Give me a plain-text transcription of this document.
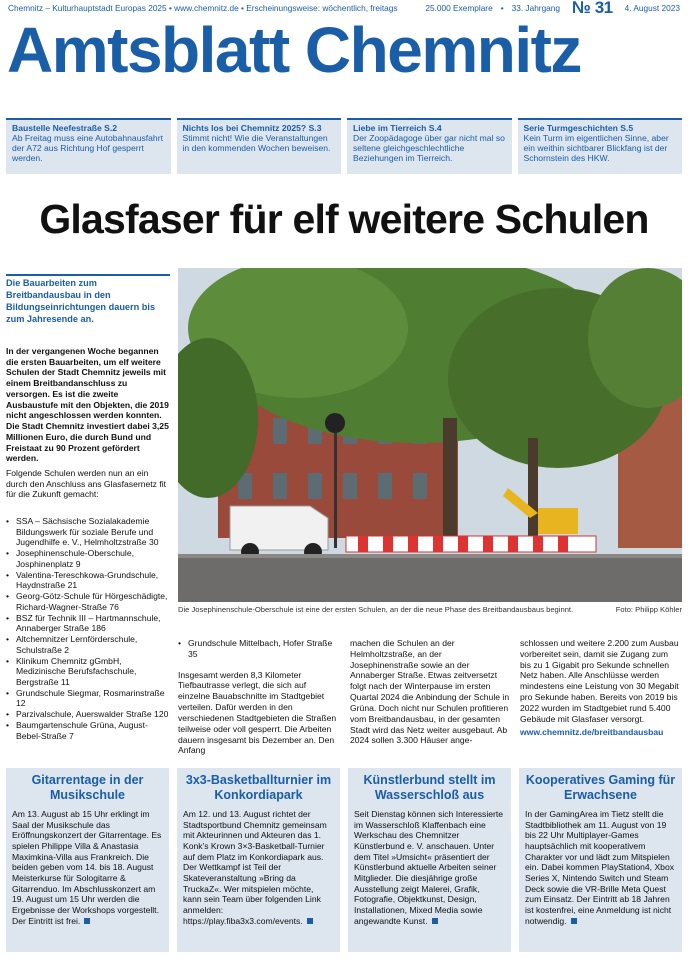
Chemnitz – Kulturhauptstadt Europas 2025 • www.chemnitz.de • Erscheinungsweise: wöchentlich, freitags	25.000 Exemplare • 33. Jahrgang № 31 4. August 2023
Amtsblatt Chemnitz
Baustelle Neefestraße S.2
Ab Freitag muss eine Autobahnausfahrt der A72 aus Richtung Hof gesperrt werden.
Nichts los bei Chemnitz 2025? S.3
Stimmt nicht! Wie die Veranstaltungen in den kommenden Wochen beweisen.
Liebe im Tierreich S.4
Der Zoopädagoge über gar nicht mal so seltene gleichgeschlechtliche Beziehungen im Tierreich.
Serie Turmgeschichten S.5
Kein Turm im eigentlichen Sinne, aber ein weithin sichtbarer Blickfang ist der Schornstein des HKW.
Glasfaser für elf weitere Schulen

Die Bauarbeiten zum Breitbandausbau in den Bildungseinrichtungen dauern bis zum Jahresende an.

In der vergangenen Woche begannen die ersten Bauarbeiten, um elf weitere Schulen der Stadt Chemnitz jeweils mit einem Breitbandanschluss zu versorgen. Es ist die zweite Ausbaustufe mit den Objekten, die 2019 nicht angeschlossen werden konnten. Die Stadt Chemnitz investiert dabei 3,25 Millionen Euro, die durch Bund und Freistaat zu 90 Prozent gefördert werden.

Folgende Schulen werden nun an ein durch den Anschluss ans Glasfasernetz fit für die Zukunft gemacht:

• SSA – Sächsische Sozialakademie Bildungswerk für soziale Berufe und Jugendhilfe e. V., Helmholtzstraße 30
• Josephinenschule-Oberschule, Josphinenplatz 9
• Valentina-Tereschkowa-Grundschule, Haydnstraße 21
• Georg-Götz-Schule für Hörgeschädigte, Richard-Wagner-Straße 76
• BSZ für Technik III – Hartmannschule, Annaberger Straße 186
• Altchemnitzer Lernförderschule, Schulstraße 2
• Klinikum Chemnitz gGmbH, Medizinische Berufsfachschule, Bergstraße 11
• Grundschule Siegmar, Rosmarinstraße 12
• Parzivalschule, Auerswalder Straße 120
• Baumgartenschule Grüna, August-Bebel-Straße 7
Die Josephinenschule-Oberschule ist eine der ersten Schulen, an der die neue Phase des Breitbandausbaus beginnt.	Foto: Philipp Köhler
• Grundschule Mittelbach, Hofer Straße 35

Insgesamt werden 8,3 Kilometer Tiefbautrasse verlegt, die sich auf einzelne Bauabschnitte im Stadtgebiet verteilen. Dafür werden in den verschiedenen Stadtgebieten die Straßen teilweise oder voll gesperrt. Die Arbeiten dauern insgesamt bis Dezember an. Den Anfang

machen die Schulen an der Helmholtzstraße, an der Josephinenstraße sowie an der Annaberger Straße. Etwas zeitversetzt folgt nach der Winterpause im ersten Quartal 2024 die Anbindung der Schule in Grüna. Doch nicht nur Schulen profitieren vom Breitbandausbau, in der gesamten Stadt wird das Netz weiter ausgebaut. Ab 2024 sollen 3.300 Häuser ange-

schlossen und weitere 2.200 zum Ausbau vorbereitet sein, damit sie Zugang zum bis zu 1 Gigabit pro Sekunde schnellen Netz haben. Alle Anschlüsse werden mindestens eine Leistung von 30 Megabit pro Sekunde haben. Bereits von 2019 bis 2022 wurden im Stadtgebiet rund 5.400 Gebäude mit Glasfaser versorgt.

www.chemnitz.de/breitbandausbau

Gitarrentage in der Musikschule

Am 13. August ab 15 Uhr erklingt im Saal der Musikschule das Eröffnungskonzert der Gitarrentage. Es spielen Philippe Villa & Anastasia Maximkina-Villa aus Frankreich. Die beiden geben vom 14. bis 18. August Meisterkurse für Sologitarre & Gitarrenduo. Im Abschlusskonzert am 19. August um 15 Uhr werden die Ergebnisse der Workshops vorgestellt. Der Eintritt ist frei.

3x3-Basketballturnier im Konkordiapark

Am 12. und 13. August richtet der Stadtsportbund Chemnitz gemeinsam mit Akteurinnen und Akteuren das 1. Konk's Krown 3×3-Basketball-Turnier auf dem Platz im Konkordiapark aus. Der Wettkampf ist Teil der Skateveranstaltung »Bring da TruckaZ«. Wer mitspielen möchte, kann sein Team über folgenden Link anmelden: https://play.fiba3x3.com/events.

Künstlerbund stellt im Wasserschloß aus

Seit Dienstag können sich Interessierte im Wasserschloß Klaffenbach eine Werkschau des Chemnitzer Künstlerbund e. V. anschauen. Unter dem Titel »Umsicht« präsentiert der Künstlerbund aktuelle Arbeiten seiner Mitglieder. Die diesjährige große Ausstellung zeigt Malerei, Grafik, Fotografie, Objektkunst, Design, Installationen, Mixed Media sowie angewandte Kunst.

Kooperatives Gaming für Erwachsene

In der GamingArea im Tietz stellt die Stadtbibliothek am 11. August von 19 bis 22 Uhr Multiplayer-Games hauptsächlich mit kooperativem Charakter vor und lädt zum Mitspielen ein. Dabei kommen PlayStation4, Xbox Series X, Nintendo Switch und Steam Deck sowie die VR-Brille Meta Quest zum Einsatz. Der Eintritt ab 18 Jahren ist kostenfrei, eine Anmeldung ist nicht notwendig.
